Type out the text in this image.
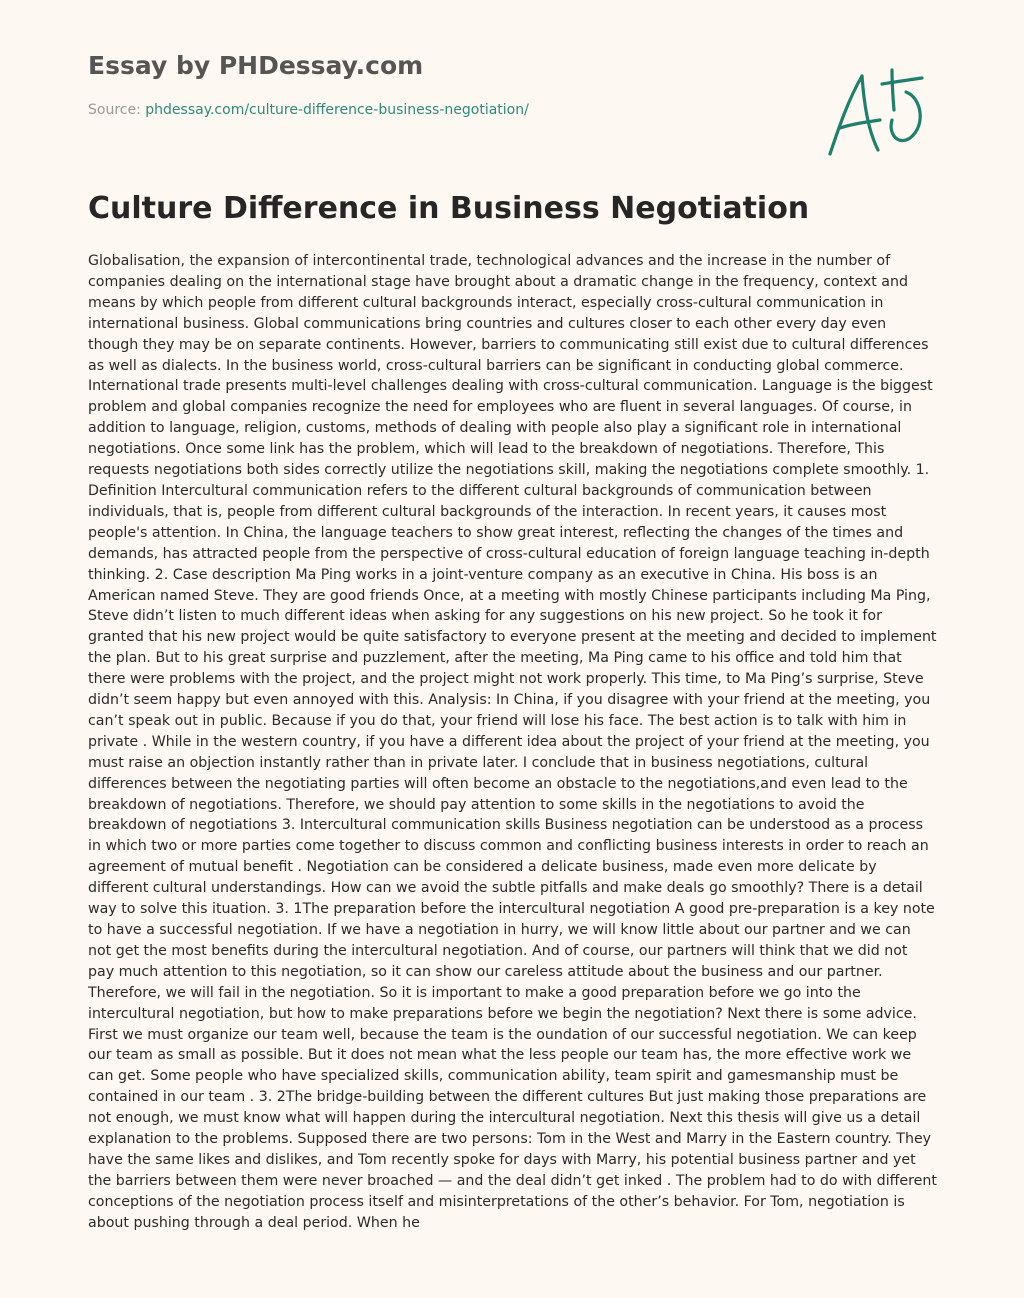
Essay by PHDessay.com
Source: phdessay.com/culture-difference-business-negotiation/
Culture Difference in Business Negotiation

Globalisation, the expansion of intercontinental trade, technological advances and the increase in the number of companies dealing on the international stage have brought about a dramatic change in the frequency, context and means by which people from different cultural backgrounds interact, especially cross-cultural communication in international business. Global communications bring countries and cultures closer to each other every day even though they may be on separate continents. However, barriers to communicating still exist due to cultural differences as well as dialects. In the business world, cross-cultural barriers can be significant in conducting global commerce. International trade presents multi-level challenges dealing with cross-cultural communication. Language is the biggest problem and global companies recognize the need for employees who are fluent in several languages. Of course, in addition to language, religion, customs, methods of dealing with people also play a significant role in international negotiations. Once some link has the problem, which will lead to the breakdown of negotiations. Therefore, This requests negotiations both sides correctly utilize the negotiations skill, making the negotiations complete smoothly. 1. Definition Intercultural communication refers to the different cultural backgrounds of communication between individuals, that is, people from different cultural backgrounds of the interaction. In recent years, it causes most people's attention. In China, the language teachers to show great interest, reflecting the changes of the times and demands, has attracted people from the perspective of cross-cultural education of foreign language teaching in-depth thinking. 2. Case description Ma Ping works in a joint-venture company as an executive in China. His boss is an American named Steve. They are good friends Once, at a meeting with mostly Chinese participants including Ma Ping, Steve didn’t listen to much different ideas when asking for any suggestions on his new project. So he took it for granted that his new project would be quite satisfactory to everyone present at the meeting and decided to implement the plan. But to his great surprise and puzzlement, after the meeting, Ma Ping came to his office and told him that there were problems with the project, and the project might not work properly. This time, to Ma Ping’s surprise, Steve didn’t seem happy but even annoyed with this. Analysis: In China, if you disagree with your friend at the meeting, you can’t speak out in public. Because if you do that, your friend will lose his face. The best action is to talk with him in private . While in the western country, if you have a different idea about the project of your friend at the meeting, you must raise an objection instantly rather than in private later. I conclude that in business negotiations, cultural differences between the negotiating parties will often become an obstacle to the negotiations,and even lead to the breakdown of negotiations. Therefore, we should pay attention to some skills in the negotiations to avoid the breakdown of negotiations 3. Intercultural communication skills Business negotiation can be understood as a process in which two or more parties come together to discuss common and conflicting business interests in order to reach an agreement of mutual benefit . Negotiation can be considered a delicate business, made even more delicate by different cultural understandings. How can we avoid the subtle pitfalls and make deals go smoothly? There is a detail way to solve this ituation. 3. 1The preparation before the intercultural negotiation A good pre-preparation is a key note to have a successful negotiation. If we have a negotiation in hurry, we will know little about our partner and we can not get the most benefits during the intercultural negotiation. And of course, our partners will think that we did not pay much attention to this negotiation, so it can show our careless attitude about the business and our partner. Therefore, we will fail in the negotiation. So it is important to make a good preparation before we go into the intercultural negotiation, but how to make preparations before we begin the negotiation? Next there is some advice. First we must organize our team well, because the team is the oundation of our successful negotiation. We can keep our team as small as possible. But it does not mean what the less people our team has, the more effective work we can get. Some people who have specialized skills, communication ability, team spirit and gamesmanship must be contained in our team . 3. 2The bridge-building between the different cultures But just making those preparations are not enough, we must know what will happen during the intercultural negotiation. Next this thesis will give us a detail explanation to the problems. Supposed there are two persons: Tom in the West and Marry in the Eastern country. They have the same likes and dislikes, and Tom recently spoke for days with Marry, his potential business partner and yet the barriers between them were never broached — and the deal didn’t get inked . The problem had to do with different conceptions of the negotiation process itself and misinterpretations of the other’s behavior. For Tom, negotiation is about pushing through a deal period. When he
